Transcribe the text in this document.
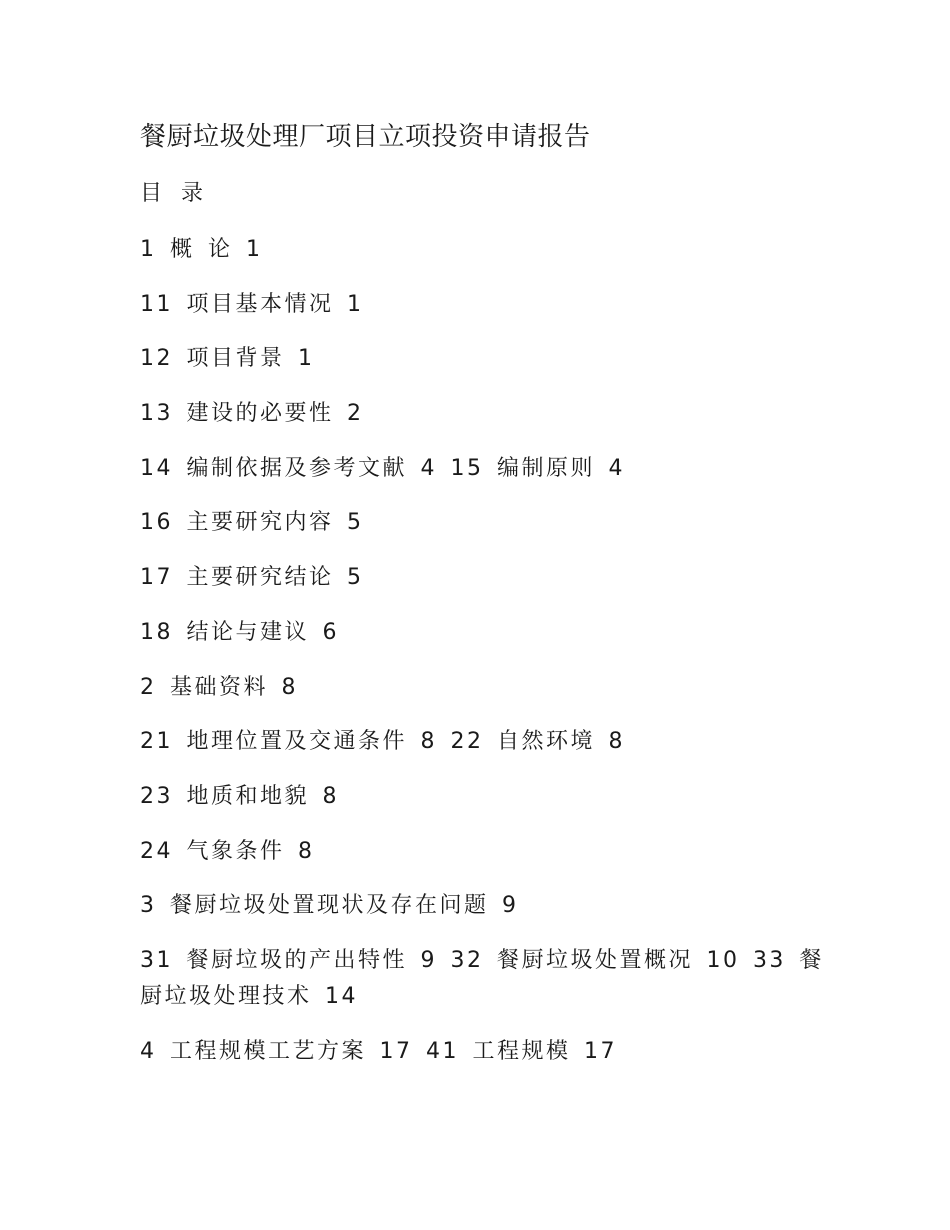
餐厨垃圾处理厂项目立项投资申请报告
目 录
1 概 论 1
11 项目基本情况 1
12 项目背景 1
13 建设的必要性 2
14 编制依据及参考文献 4 15 编制原则 4
16 主要研究内容 5
17 主要研究结论 5
18 结论与建议 6
2 基础资料 8
21 地理位置及交通条件 8 22 自然环境 8
23 地质和地貌 8
24 气象条件 8
3 餐厨垃圾处置现状及存在问题 9
31 餐厨垃圾的产出特性 9 32 餐厨垃圾处置概况 10 33 餐厨垃圾处理技术 14
4 工程规模工艺方案 17 41 工程规模 17
